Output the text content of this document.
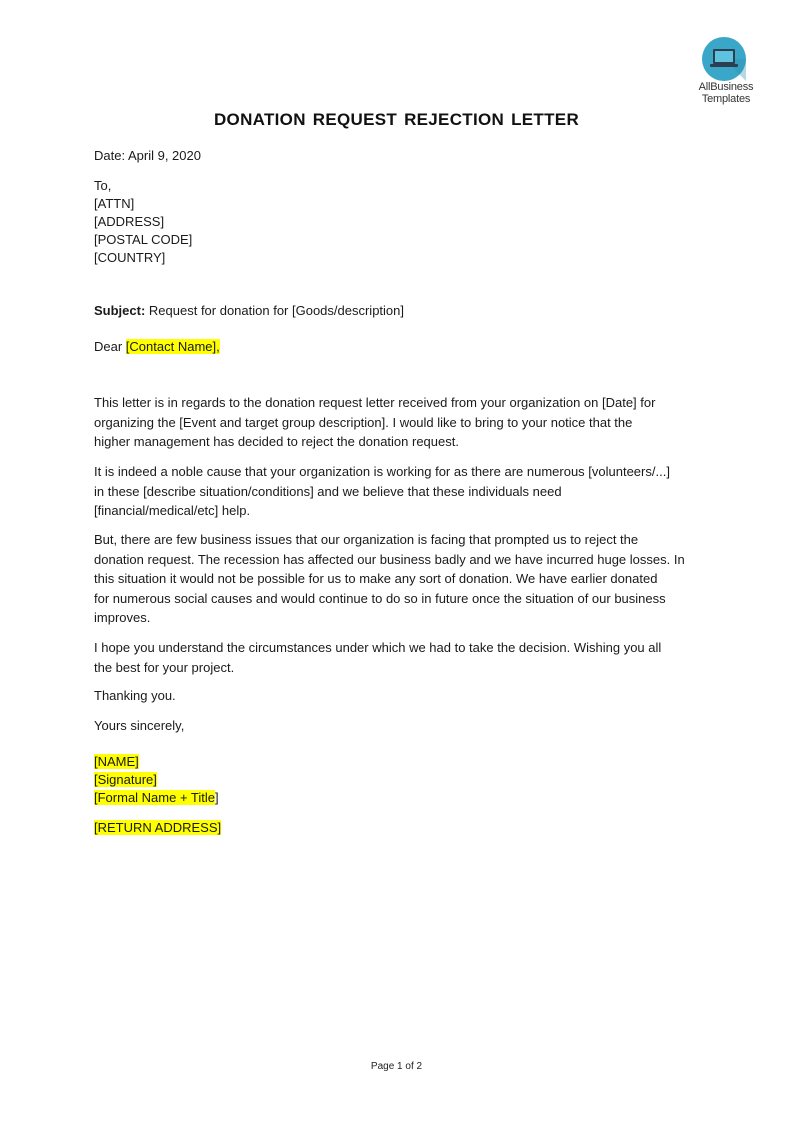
AllBusiness
Templates
DONATION REQUEST REJECTION LETTER
Date: April 9, 2020
To,
[ATTN]
[ADDRESS]
[POSTAL CODE]
[COUNTRY]
Subject: Request for donation for [Goods/description]
Dear [Contact Name],
This letter is in regards to the donation request letter received from your organization on [Date] for
organizing the [Event and target group description]. I would like to bring to your notice that the
higher management has decided to reject the donation request.
It is indeed a noble cause that your organization is working for as there are numerous [volunteers/...]
in these [describe situation/conditions] and we believe that these individuals need
[financial/medical/etc] help.
But, there are few business issues that our organization is facing that prompted us to reject the
donation request. The recession has affected our business badly and we have incurred huge losses. In
this situation it would not be possible for us to make any sort of donation. We have earlier donated
for numerous social causes and would continue to do so in future once the situation of our business
improves.
I hope you understand the circumstances under which we had to take the decision. Wishing you all
the best for your project.
Thanking you.
Yours sincerely,
[NAME]
[Signature]
[Formal Name + Title]
[RETURN ADDRESS]
Page 1 of 2
